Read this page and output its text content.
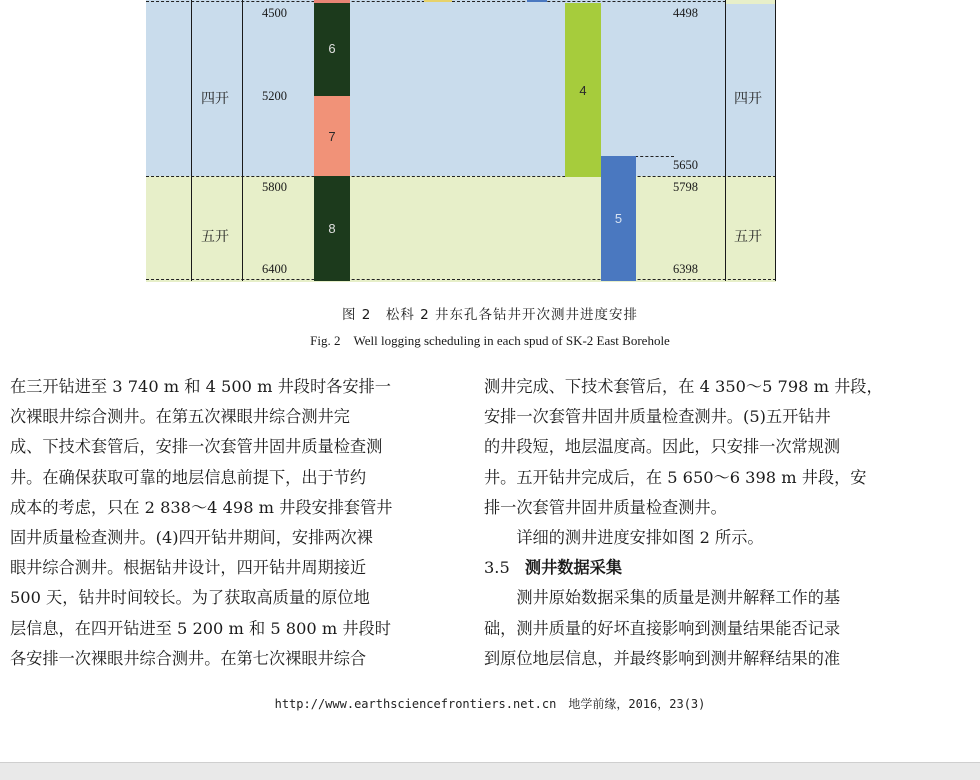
6
7
8
4
5
四开	四开
五开	五开
4500
5200
5800
6400
4498
5650
5798
6398
图 2　松科 2 井东孔各钻井开次测井进度安排
Fig. 2　Well logging scheduling in each spud of SK-2 East Borehole

在三开钻进至 3 740 m 和 4 500 m 井段时各安排一

次裸眼井综合测井。在第五次裸眼井综合测井完

成、下技术套管后，安排一次套管井固井质量检查测

井。在确保获取可靠的地层信息前提下，出于节约

成本的考虑，只在 2 838～4 498 m 井段安排套管井

固井质量检查测井。(4)四开钻井期间，安排两次裸

眼井综合测井。根据钻井设计，四开钻井周期接近

500 天，钻井时间较长。为了获取高质量的原位地

层信息，在四开钻进至 5 200 m 和 5 800 m 井段时

各安排一次裸眼井综合测井。在第七次裸眼井综合

测井完成、下技术套管后，在 4 350～5 798 m 井段，

安排一次套管井固井质量检查测井。(5)五开钻井

的井段短，地层温度高。因此，只安排一次常规测

井。五开钻井完成后，在 5 650～6 398 m 井段，安

排一次套管井固井质量检查测井。

　　详细的测井进度安排如图 2 所示。

3.5 测井数据采集

　　测井原始数据采集的质量是测井解释工作的基

础，测井质量的好坏直接影响到测量结果能否记录

到原位地层信息，并最终影响到测井解释结果的准

http://www.earthsciencefrontiers.net.cn　地学前缘，2016，23(3)
